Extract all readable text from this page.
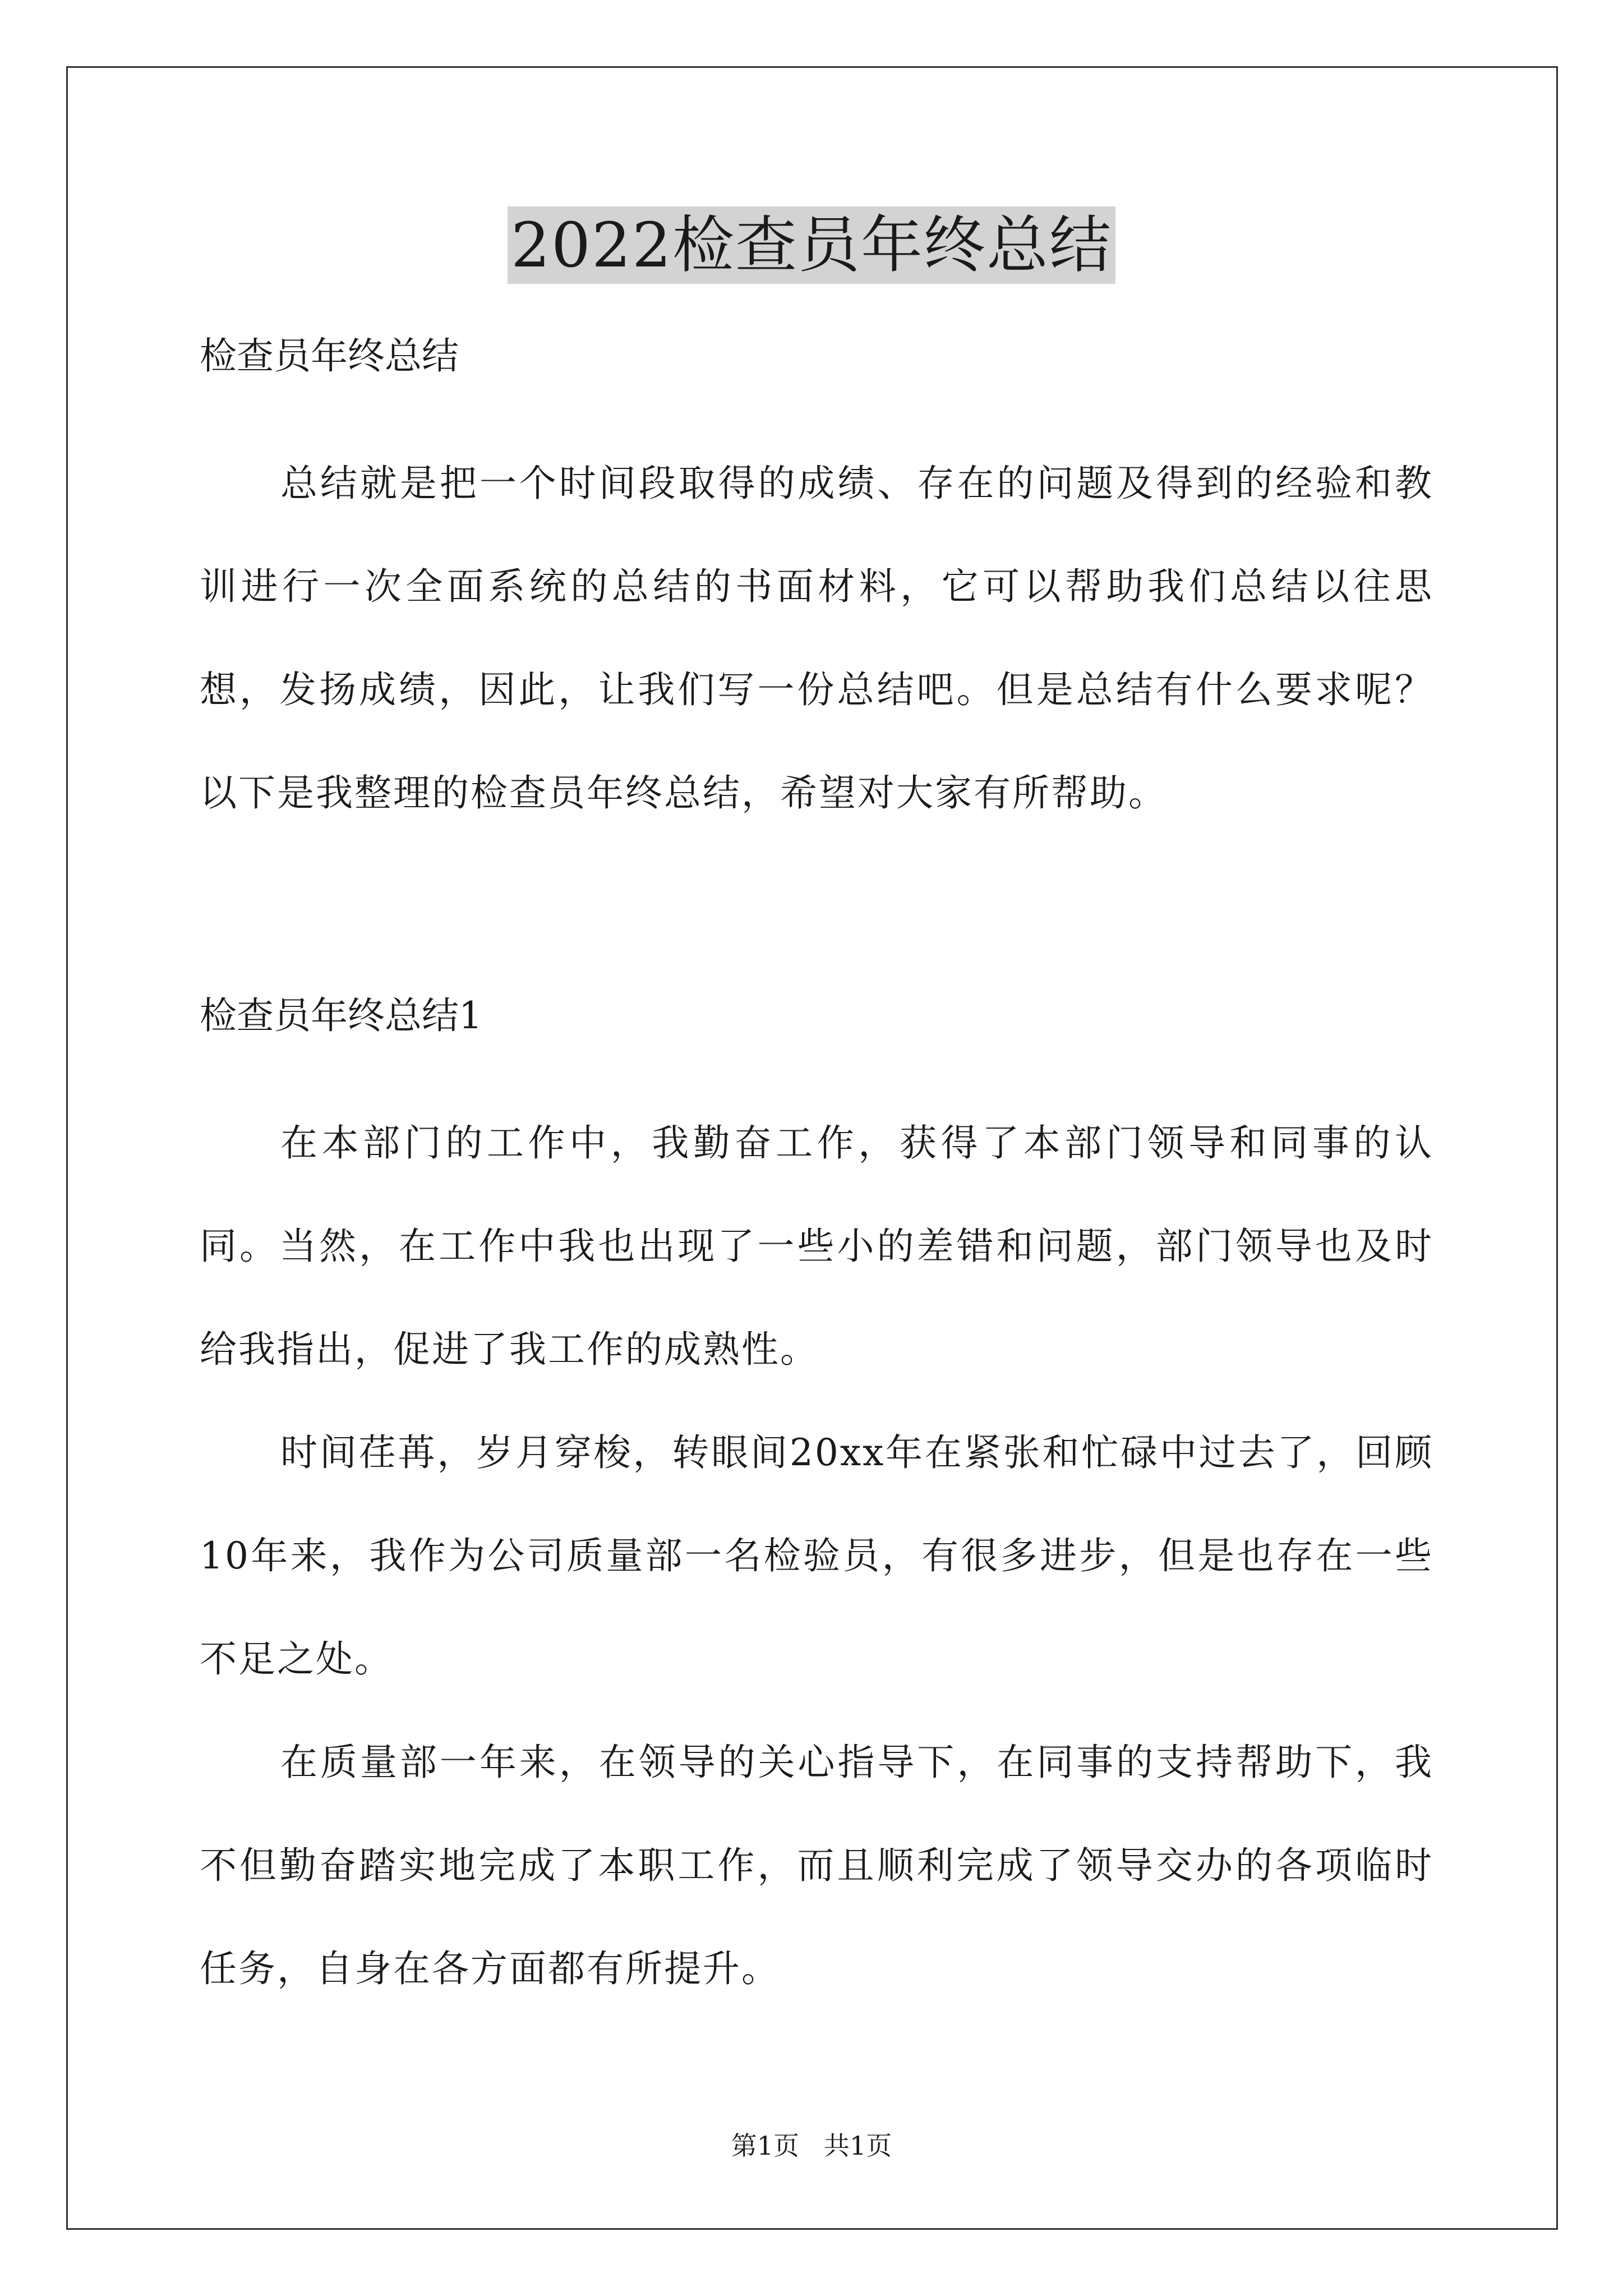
2022检查员年终总结

检查员年终总结

总结就是把一个时间段取得的成绩、存在的问题及得到的经验和教训进行一次全面系统的总结的书面材料，它可以帮助我们总结以往思想，发扬成绩，因此，让我们写一份总结吧。但是总结有什么要求呢？以下是我整理的检查员年终总结，希望对大家有所帮助。

检查员年终总结1

在本部门的工作中，我勤奋工作，获得了本部门领导和同事的认同。当然，在工作中我也出现了一些小的差错和问题，部门领导也及时给我指出，促进了我工作的成熟性。

时间荏苒，岁月穿梭，转眼间20xx年在紧张和忙碌中过去了，回顾10年来，我作为公司质量部一名检验员，有很多进步，但是也存在一些不足之处。

在质量部一年来，在领导的关心指导下，在同事的支持帮助下，我不但勤奋踏实地完成了本职工作，而且顺利完成了领导交办的各项临时任务，自身在各方面都有所提升。

第1页 共1页
